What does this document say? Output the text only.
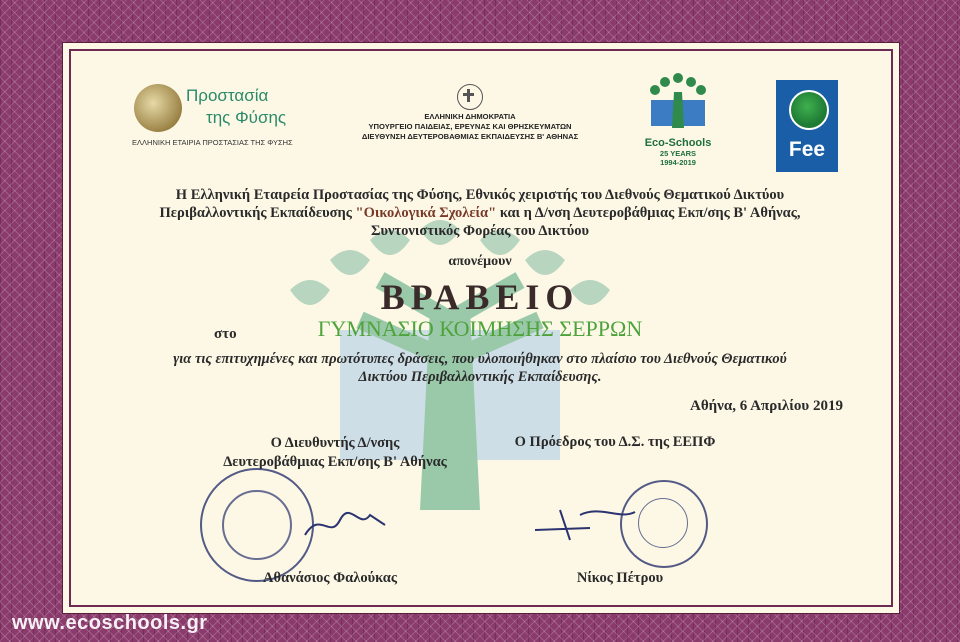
Προστασία
της Φύσης
ΕΛΛΗΝΙΚΗ ΕΤΑΙΡΙΑ ΠΡΟΣΤΑΣΙΑΣ ΤΗΣ ΦΥΣΗΣ
ΕΛΛΗΝΙΚΗ ΔΗΜΟΚΡΑΤΙΑ
ΥΠΟΥΡΓΕΙΟ ΠΑΙΔΕΙΑΣ, ΕΡΕΥΝΑΣ ΚΑΙ ΘΡΗΣΚΕΥΜΑΤΩΝ
ΔΙΕΥΘΥΝΣΗ ΔΕΥΤΕΡΟΒΑΘΜΙΑΣ ΕΚΠΑΙΔΕΥΣΗΣ Β' ΑΘΗΝΑΣ
Eco-Schools
25 YEARS
1994-2019
Fee
Η Ελληνική Εταιρεία Προστασίας της Φύσης, Εθνικός χειριστής του Διεθνούς Θεματικού Δικτύου
Περιβαλλοντικής Εκπαίδευσης "Οικολογικά Σχολεία" και η Δ/νση Δευτεροβάθμιας Εκπ/σης Β' Αθήνας,
Συντονιστικός Φορέας του Δικτύου
απονέμουν
ΒΡΑΒΕΙΟ
στο	ΓΥΜΝΑΣΙΟ ΚΟΙΜΗΣΗΣ ΣΕΡΡΩΝ
για τις επιτυχημένες και πρωτότυπες δράσεις, που υλοποιήθηκαν στο πλαίσιο του Διεθνούς Θεματικού
Δικτύου Περιβαλλοντικής Εκπαίδευσης.
Αθήνα, 6 Απριλίου 2019
Ο Διευθυντής Δ/νσης
Δευτεροβάθμιας Εκπ/σης Β' Αθήνας
Ο Πρόεδρος του Δ.Σ. της ΕΕΠΦ
Αθανάσιος Φαλούκας	Νίκος Πέτρου
www.ecoschools.gr
